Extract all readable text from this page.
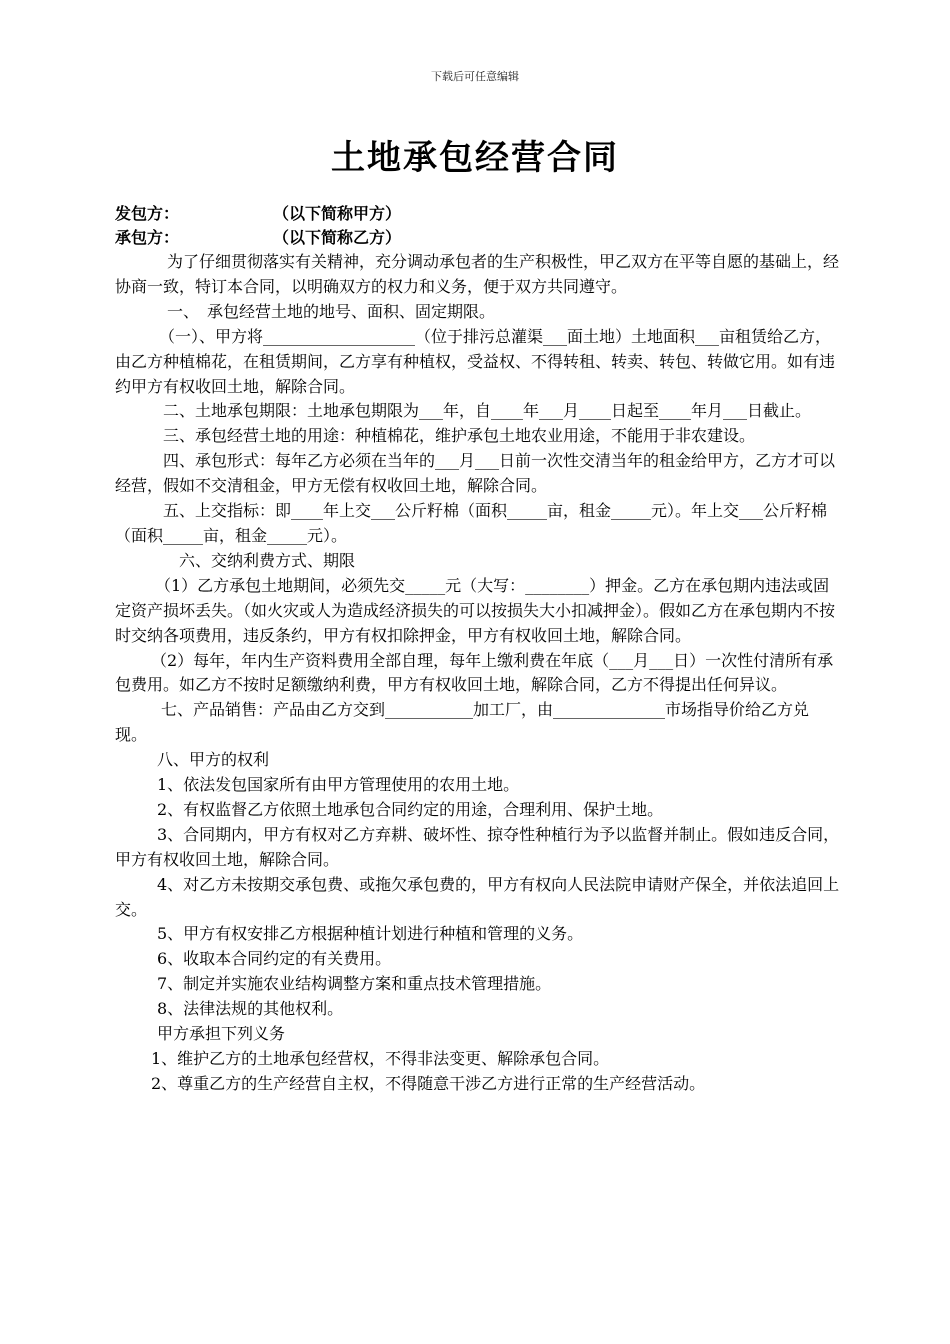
下载后可任意编辑
土地承包经营合同
发包方：	（以下简称甲方）
承包方：	（以下简称乙方）

为了仔细贯彻落实有关精神，充分调动承包者的生产积极性，甲乙双方在平等自愿的基础上，经协商一致，特订本合同，以明确双方的权力和义务，便于双方共同遵守。

一、　承包经营土地的地号、面积、固定期限。

（一）、甲方将___________________（位于排污总灌渠___面土地）土地面积___亩租赁给乙方，由乙方种植棉花，在租赁期间，乙方享有种植权，受益权、不得转租、转卖、转包、转做它用。如有违约甲方有权收回土地，解除合同。

二、土地承包期限：土地承包期限为___年，自____年___月____日起至____年月___日截止。

三、承包经营土地的用途：种植棉花，维护承包土地农业用途，不能用于非农建设。

四、承包形式：每年乙方必须在当年的___月___日前一次性交清当年的租金给甲方，乙方才可以经营，假如不交清租金，甲方无偿有权收回土地，解除合同。

五、上交指标：即____年上交___公斤籽棉（面积_____亩，租金_____元）。年上交___公斤籽棉（面积_____亩，租金_____元）。

六、交纳利费方式、期限

（1）乙方承包土地期间，必须先交_____元（大写：________）押金。乙方在承包期内违法或固定资产损坏丢失。（如火灾或人为造成经济损失的可以按损失大小扣减押金）。假如乙方在承包期内不按时交纳各项费用，违反条约，甲方有权扣除押金，甲方有权收回土地，解除合同。

（2）每年，年内生产资料费用全部自理，每年上缴利费在年底（___月___日）一次性付清所有承包费用。如乙方不按时足额缴纳利费，甲方有权收回土地，解除合同，乙方不得提出任何异议。

七、产品销售：产品由乙方交到___________加工厂，由______________市场指导价给乙方兑现。

八、甲方的权利

1、依法发包国家所有由甲方管理使用的农用土地。

2、有权监督乙方依照土地承包合同约定的用途，合理利用、保护土地。

3、合同期内，甲方有权对乙方弃耕、破坏性、掠夺性种植行为予以监督并制止。假如违反合同，甲方有权收回土地，解除合同。

4、对乙方未按期交承包费、或拖欠承包费的，甲方有权向人民法院申请财产保全，并依法追回上交。

5、甲方有权安排乙方根据种植计划进行种植和管理的义务。

6、收取本合同约定的有关费用。

7、制定并实施农业结构调整方案和重点技术管理措施。

8、法律法规的其他权利。

甲方承担下列义务

1、维护乙方的土地承包经营权，不得非法变更、解除承包合同。

2、尊重乙方的生产经营自主权，不得随意干涉乙方进行正常的生产经营活动。
